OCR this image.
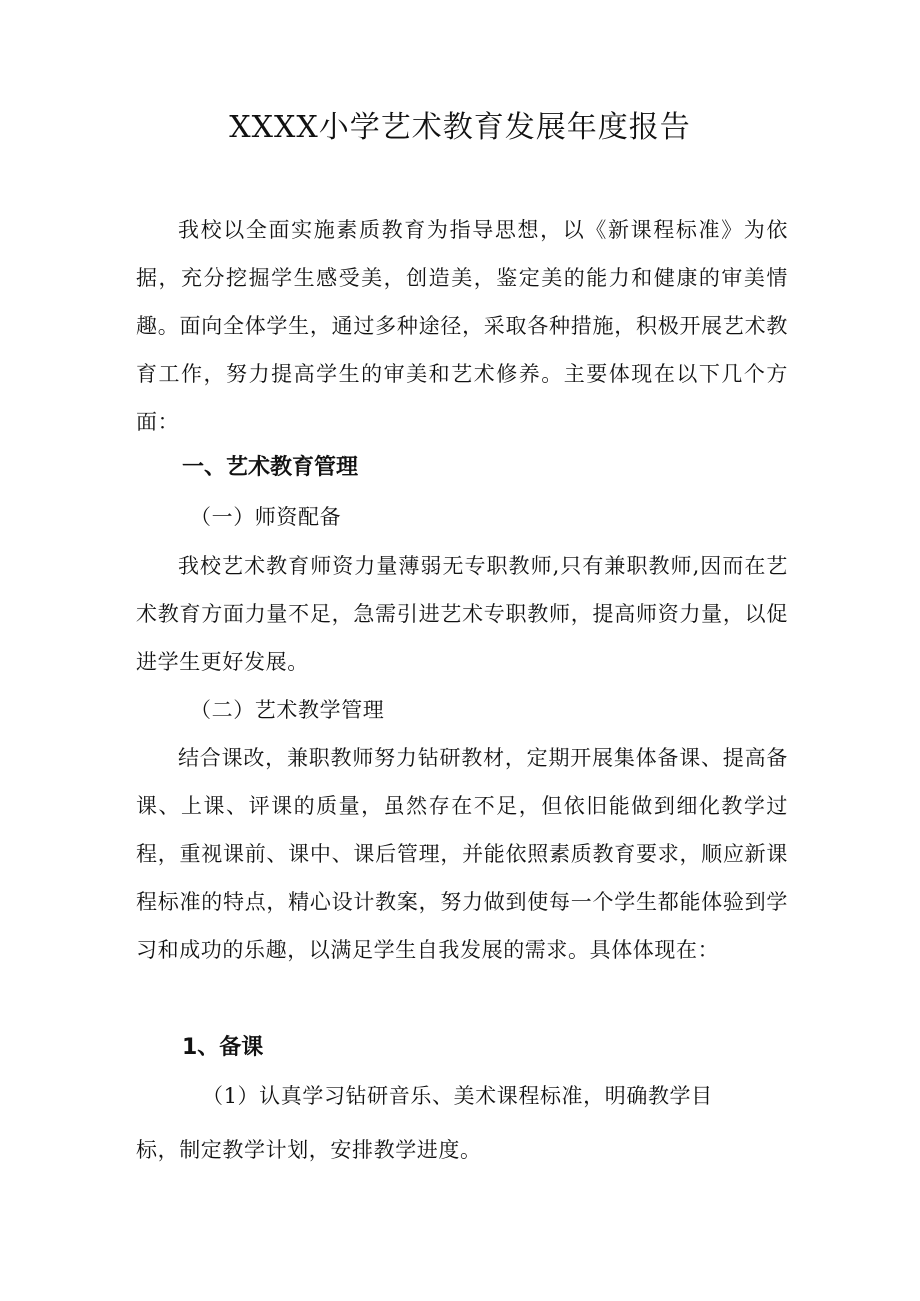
XXXX小学艺术教育发展年度报告

我校以全面实施素质教育为指导思想，以《新课程标准》为依据，充分挖掘学生感受美，创造美，鉴定美的能力和健康的审美情趣。面向全体学生，通过多种途径，采取各种措施，积极开展艺术教育工作，努力提高学生的审美和艺术修养。主要体现在以下几个方面：

一、艺术教育管理
（一）师资配备

我校艺术教育师资力量薄弱无专职教师,只有兼职教师,因而在艺术教育方面力量不足，急需引进艺术专职教师，提高师资力量，以促进学生更好发展。

（二）艺术教学管理

结合课改，兼职教师努力钻研教材，定期开展集体备课、提高备课、上课、评课的质量，虽然存在不足，但依旧能做到细化教学过程，重视课前、课中、课后管理，并能依照素质教育要求，顺应新课程标准的特点，精心设计教案，努力做到使每一个学生都能体验到学习和成功的乐趣，以满足学生自我发展的需求。具体体现在：

1、备课

（1）认真学习钻研音乐、美术课程标准，明确教学目

标，制定教学计划，安排教学进度。
